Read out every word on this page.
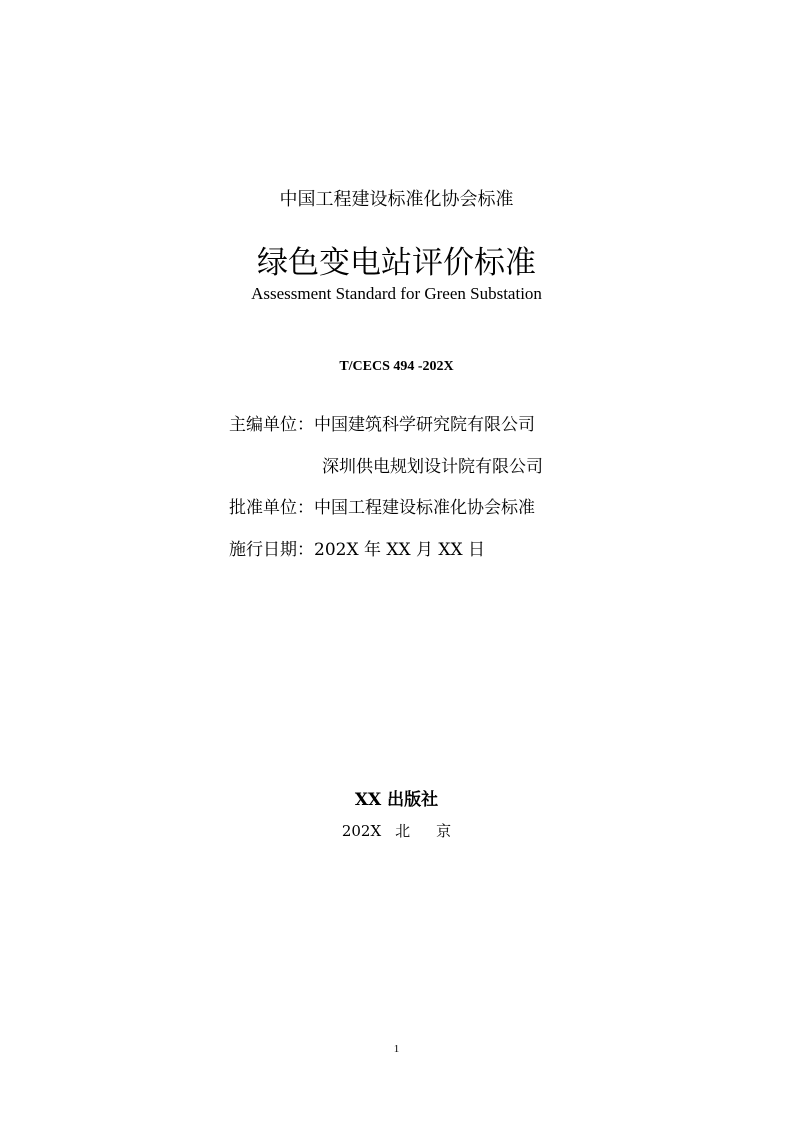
中国工程建设标准化协会标准
绿色变电站评价标准
Assessment Standard for Green Substation
T/CECS 494 -202X
主编单位：中国建筑科学研究院有限公司
深圳供电规划设计院有限公司
批准单位：中国工程建设标准化协会标准
施行日期：202X 年 XX 月 XX 日
XX 出版社
202X 北 京
1
